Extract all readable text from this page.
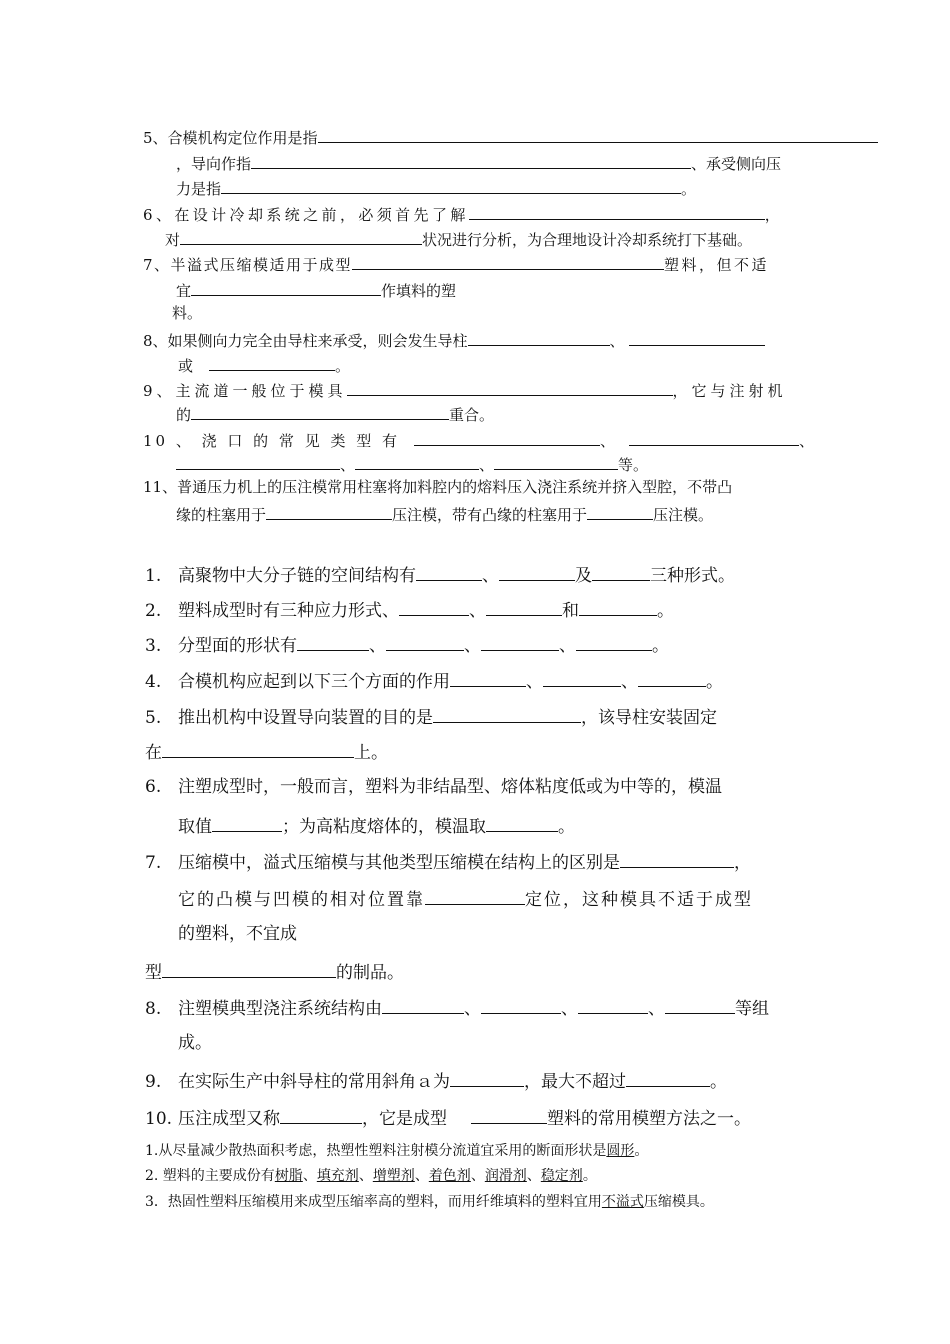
5、合模机构定位作用是指
，导向作指	、承受侧向压
力是指	。
6、在设计冷却系统之前，必须首先了解	，
对	状况进行分析，为合理地设计冷却系统打下基础。
7、半溢式压缩模适用于成型	塑料，但不适
宜	作填料的塑
料。
8、如果侧向力完全由导柱来承受，则会发生导柱	、
或	。
9、主流道一般位于模具	，它与注射机
的	重合。
10 、 浇 口 的 常 见 类 型 有	、	、
、	、	等。
11、普通压力机上的压注模常用柱塞将加料腔内的熔料压入浇注系统并挤入型腔，不带凸
缘的柱塞用于	压注模，带有凸缘的柱塞用于	压注模。
1. 高聚物中大分子链的空间结构有	、	及	三种形式。
2. 塑料成型时有三种应力形式、	、	和	。
3. 分型面的形状有	、	、	、	。
4. 合模机构应起到以下三个方面的作用	、	、	。
5. 推出机构中设置导向装置的目的是	，该导柱安装固定
在	上。
6. 注塑成型时，一般而言，塑料为非结晶型、熔体粘度低或为中等的，模温
取值	；为高粘度熔体的，模温取	。
7. 压缩模中，溢式压缩模与其他类型压缩模在结构上的区别是	，
它的凸模与凹模的相对位置靠	定位，这种模具不适于成型
的塑料，不宜成
型	的制品。
8. 注塑模典型浇注系统结构由	、	、	、	等组
成。
9. 在实际生产中斜导柱的常用斜角ａ为	，最大不超过	。
10. 压注成型又称	，它是成型	塑料的常用模塑方法之一。
1.从尽量减少散热面积考虑，热塑性塑料注射模分流道宜采用的断面形状是圆形。
2. 塑料的主要成份有树脂、填充剂、增塑剂、着色剂、润滑剂、稳定剂。
3．热固性塑料压缩模用来成型压缩率高的塑料，而用纤维填料的塑料宜用不溢式压缩模具。
